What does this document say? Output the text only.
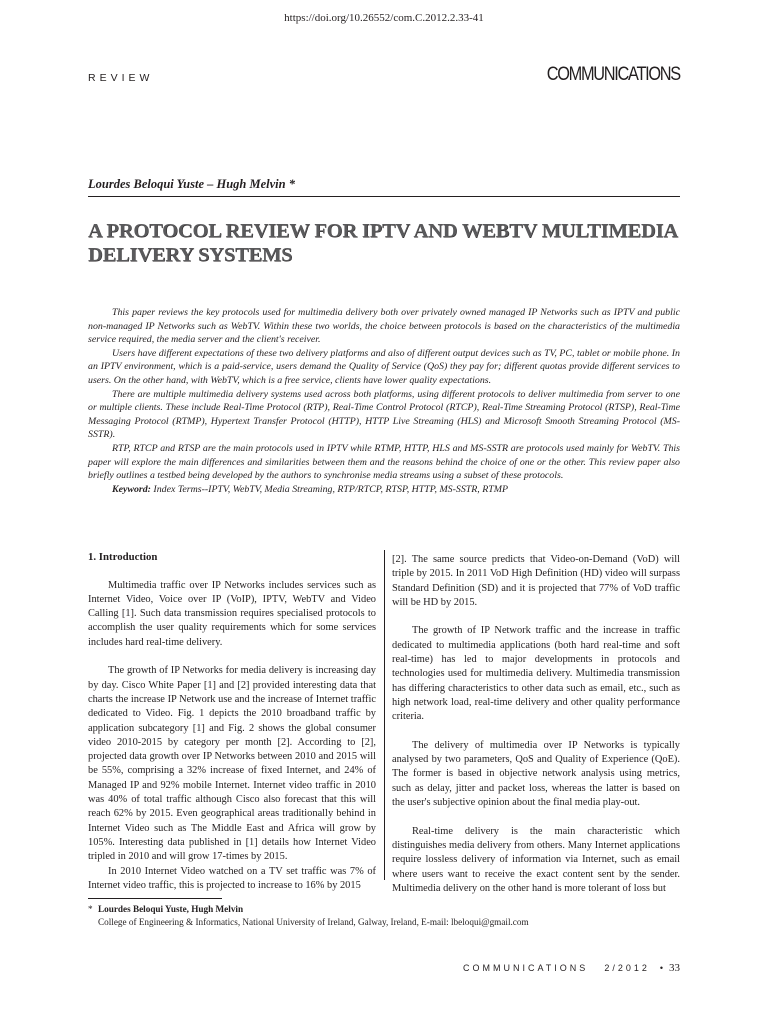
https://doi.org/10.26552/com.C.2012.2.33-41
REVIEW	COMMUNICATIONS
Lourdes Beloqui Yuste – Hugh Melvin *
A PROTOCOL REVIEW FOR IPTV AND WEBTV MULTIMEDIA DELIVERY SYSTEMS

This paper reviews the key protocols used for multimedia delivery both over privately owned managed IP Networks such as IPTV and public non-managed IP Networks such as WebTV. Within these two worlds, the choice between protocols is based on the characteristics of the multimedia service required, the media server and the client's receiver.

Users have different expectations of these two delivery platforms and also of different output devices such as TV, PC, tablet or mobile phone. In an IPTV environment, which is a paid-service, users demand the Quality of Service (QoS) they pay for; different quotas provide different services to users. On the other hand, with WebTV, which is a free service, clients have lower quality expectations.

There are multiple multimedia delivery systems used across both platforms, using different protocols to deliver multimedia from server to one or multiple clients. These include Real-Time Protocol (RTP), Real-Time Control Protocol (RTCP), Real-Time Streaming Protocol (RTSP), Real-Time Messaging Protocol (RTMP), Hypertext Transfer Protocol (HTTP), HTTP Live Streaming (HLS) and Microsoft Smooth Streaming Protocol (MS- SSTR).

RTP, RTCP and RTSP are the main protocols used in IPTV while RTMP, HTTP, HLS and MS-SSTR are protocols used mainly for WebTV. This paper will explore the main differences and similarities between them and the reasons behind the choice of one or the other. This review paper also briefly outlines a testbed being developed by the authors to synchronise media streams using a subset of these protocols.

Keyword: Index Terms--IPTV, WebTV, Media Streaming, RTP/RTCP, RTSP, HTTP, MS-SSTR, RTMP

1. Introduction

Multimedia traffic over IP Networks includes services such as Internet Video, Voice over IP (VoIP), IPTV, WebTV and Video Calling [1]. Such data transmission requires specialised protocols to accomplish the user quality requirements which for some services includes hard real-time delivery.

The growth of IP Networks for media delivery is increasing day by day. Cisco White Paper [1] and [2] provided interesting data that charts the increase IP Network use and the increase of Internet traffic dedicated to Video. Fig. 1 depicts the 2010 broadband traffic by application subcategory [1] and Fig. 2 shows the global consumer video 2010-2015 by category per month [2]. According to [2], projected data growth over IP Networks between 2010 and 2015 will be 55%, comprising a 32% increase of fixed Internet, and 24% of Managed IP and 92% mobile Internet. Internet video traffic in 2010 was 40% of total traffic although Cisco also forecast that this will reach 62% by 2015. Even geographical areas traditionally behind in Internet Video such as The Middle East and Africa will grow by 105%. Interesting data published in [1] details how Internet Video tripled in 2010 and will grow 17-times by 2015.

In 2010 Internet Video watched on a TV set traffic was 7% of Internet video traffic, this is projected to increase to 16% by 2015

[2]. The same source predicts that Video-on-Demand (VoD) will triple by 2015. In 2011 VoD High Definition (HD) video will surpass Standard Definition (SD) and it is projected that 77% of VoD traffic will be HD by 2015.

The growth of IP Network traffic and the increase in traffic dedicated to multimedia applications (both hard real-time and soft real-time) has led to major developments in protocols and technologies used for multimedia delivery. Multimedia transmission has differing characteristics to other data such as email, etc., such as high network load, real-time delivery and other quality performance criteria.

The delivery of multimedia over IP Networks is typically analysed by two parameters, QoS and Quality of Experience (QoE). The former is based in objective network analysis using metrics, such as delay, jitter and packet loss, whereas the latter is based on the user's subjective opinion about the final media play-out.

Real-time delivery is the main characteristic which distinguishes media delivery from others. Many Internet applications require lossless delivery of information via Internet, such as email where users want to receive the exact content sent by the sender. Multimedia delivery on the other hand is more tolerant of loss but

* Lourdes Beloqui Yuste, Hugh Melvin
College of Engineering & Informatics, National University of Ireland, Galway, Ireland, E-mail: lbeloqui@gmail.com
COMMUNICATIONS 2/2012 • 33
